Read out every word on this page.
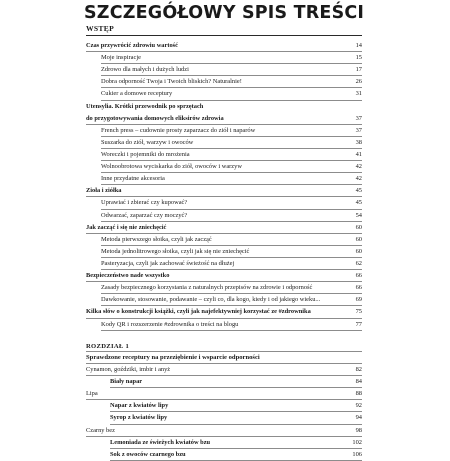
SZCZEGÓŁOWY SPIS TREŚCI
WSTĘP
Czas przywrócić zdrowiu wartość	14
Moje inspiracje	15
Zdrowo dla małych i dużych ludzi	17
Dobra odporność Twoja i Twoich bliskich? Naturalnie!	26
Cukier a domowe receptury	31
Utensylia. Krótki przewodnik po sprzętach
do przygotowywania domowych eliksirów zdrowia	37
French press – cudownie prosty zaparzacz do ziół i naparów	37
Suszarka do ziół, warzyw i owoców	38
Woreczki i pojemniki do mrożenia	41
Wolnoobrotowa wyciskarka do ziół, owoców i warzyw	42
Inne przydatne akcesoria	42
Zioła i ziółka	45
Uprawiać i zbierać czy kupować?	45
Odwarzać, zaparzać czy moczyć?	54
Jak zacząć i się nie zniechęcić	60
Metoda pierwszego słoika, czyli jak zacząć	60
Metoda jednolitrowego słoika, czyli jak się nie zniechęcić	60
Pasteryzacja, czyli jak zachować świeżość na dłużej	62
Bezpieczeństwo nade wszystko	66
Zasady bezpiecznego korzystania z naturalnych przepisów na zdrowie i odporność	66
Dawkowanie, stosowanie, podawanie – czyli co, dla kogo, kiedy i od jakiego wieku...	69
Kilka słów o konstrukcji książki, czyli jak najefektywniej korzystać ze #zdrownika	75
Kody QR i rozszerzenie #zdrownika o treści na blogu	77
ROZDZIAŁ 1
Sprawdzone receptury na przeziębienie i wsparcie odporności
Cynamon, goździki, imbir i anyż	82
Biały napar	84
Lipa	88
Napar z kwiatów lipy	92
Syrop z kwiatów lipy	94
Czarny bez	98
Lemoniada ze świeżych kwiatów bzu	102
Sok z owoców czarnego bzu	106
